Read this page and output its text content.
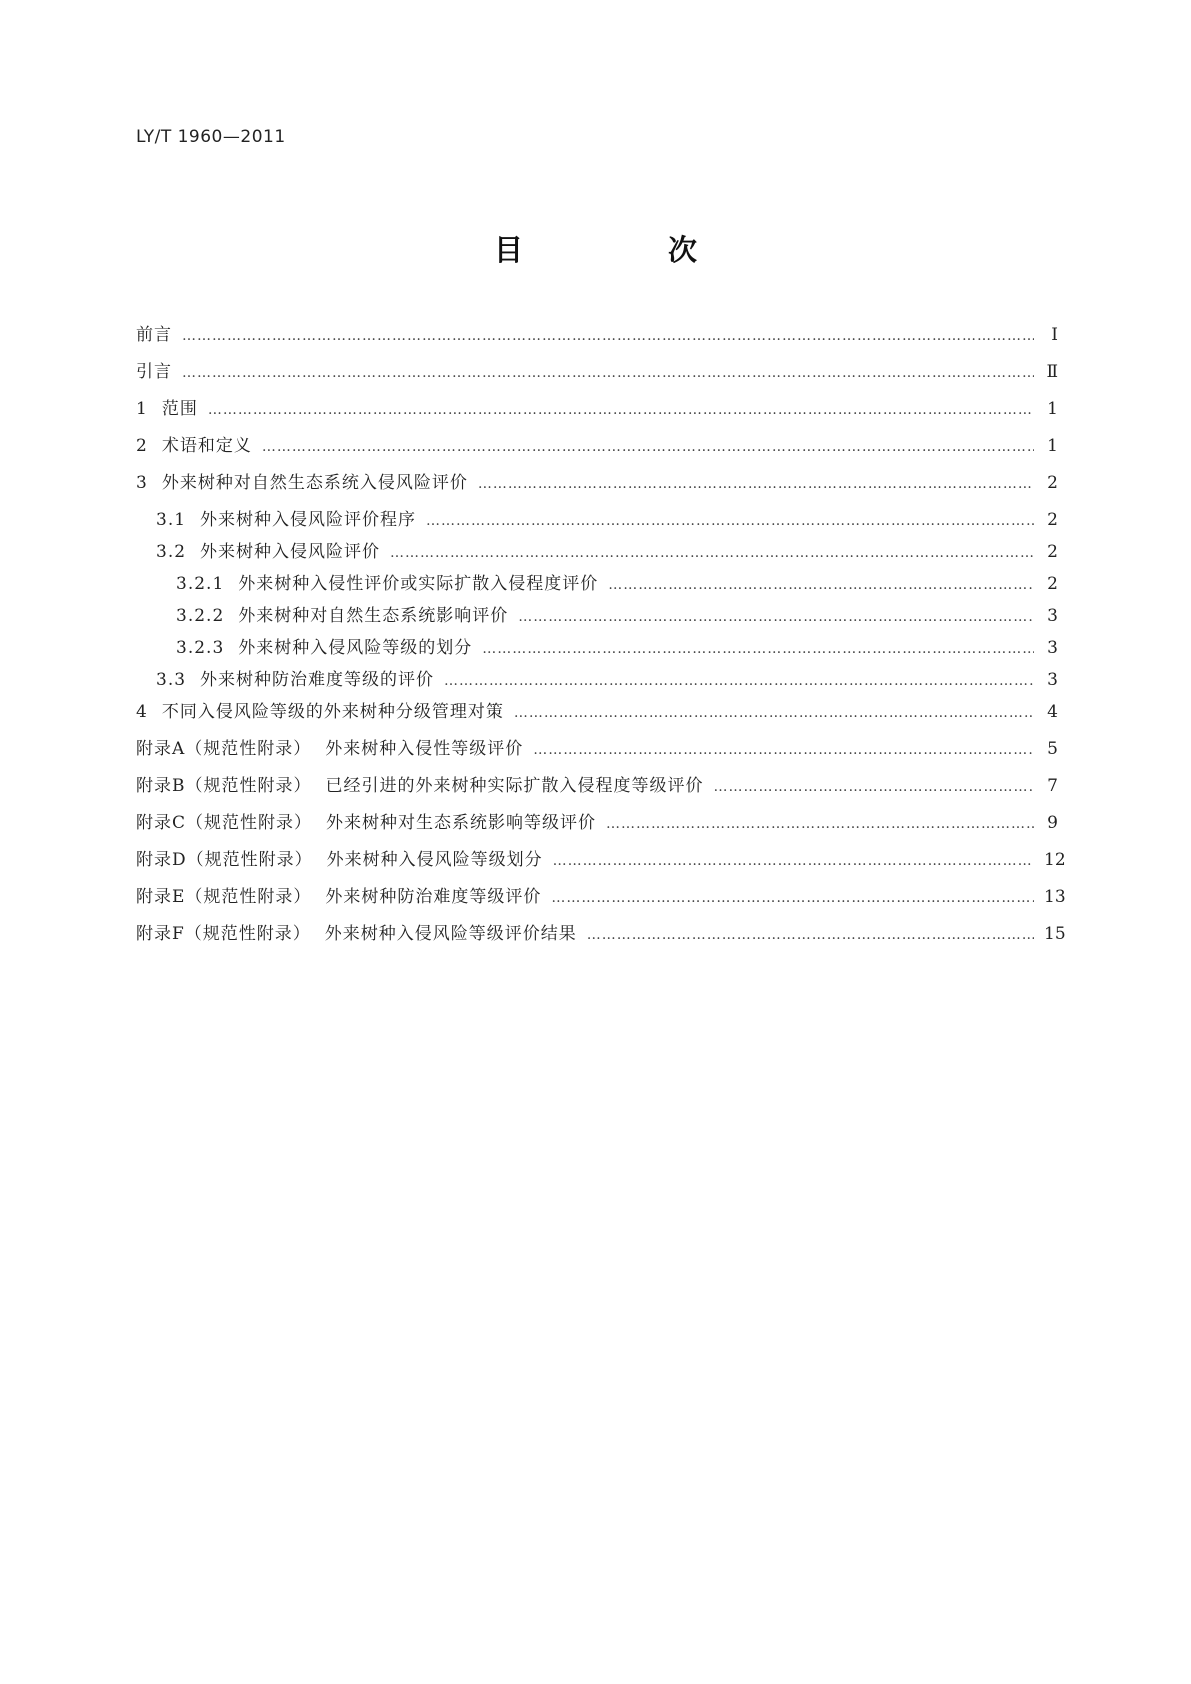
LY/T 1960—2011
目　次
前言 …………………………………………………………………………………………………………………………………………………………………………………………	Ⅰ
引言 …………………………………………………………………………………………………………………………………………………………………………………………	Ⅱ
1 范围 …………………………………………………………………………………………………………………………………………………………………………………………	1
2 术语和定义 …………………………………………………………………………………………………………………………………………………………………………………………	1
3 外来树种对自然生态系统入侵风险评价 …………………………………………………………………………………………………………………………………………………………………………………………	2
3.1 外来树种入侵风险评价程序 …………………………………………………………………………………………………………………………………………………………………………………………	2
3.2 外来树种入侵风险评价 …………………………………………………………………………………………………………………………………………………………………………………………	2
3.2.1 外来树种入侵性评价或实际扩散入侵程度评价 …………………………………………………………………………………………………………………………………………………………………………………………	2
3.2.2 外来树种对自然生态系统影响评价 …………………………………………………………………………………………………………………………………………………………………………………………	3
3.2.3 外来树种入侵风险等级的划分 …………………………………………………………………………………………………………………………………………………………………………………………	3
3.3 外来树种防治难度等级的评价 …………………………………………………………………………………………………………………………………………………………………………………………	3
4 不同入侵风险等级的外来树种分级管理对策 …………………………………………………………………………………………………………………………………………………………………………………………	4
附录A（规范性附录） 外来树种入侵性等级评价 …………………………………………………………………………………………………………………………………………………………………………………………	5
附录B（规范性附录） 已经引进的外来树种实际扩散入侵程度等级评价 …………………………………………………………………………………………………………………………………………………………………………………………	7
附录C（规范性附录） 外来树种对生态系统影响等级评价 …………………………………………………………………………………………………………………………………………………………………………………………	9
附录D（规范性附录） 外来树种入侵风险等级划分 …………………………………………………………………………………………………………………………………………………………………………………………	12
附录E（规范性附录） 外来树种防治难度等级评价 …………………………………………………………………………………………………………………………………………………………………………………………	13
附录F（规范性附录） 外来树种入侵风险等级评价结果 …………………………………………………………………………………………………………………………………………………………………………………………	15
